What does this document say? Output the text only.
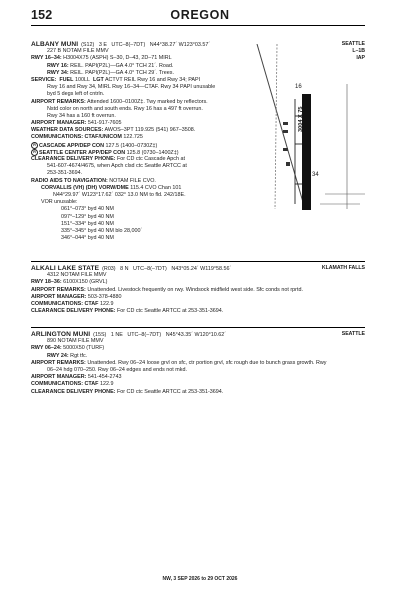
152	OREGON
SEATTLE
L–1B
IAP
ALBANY MUNI (S12) 3 E UTC–8(–7DT) N44°38.27´ W123°03.57´
227 B NOTAM FILE MMV
RWY 16–34: H3004X75 (ASPH) S–30, D–43, 2D–71 MIRL
RWY 16: REIL. PAPI(P2L)—GA 4.0° TCH 21´. Road.
RWY 34: REIL. PAPI(P2L)—GA 4.0° TCH 29´. Trees.
SERVICE: FUEL 100LL LGT ACTVT REIL Rwy 16 and Rwy 34; PAPI
Rwy 16 and Rwy 34, MIRL Rwy 16–34—CTAF. Rwy 34 PAPI unusable
byd 5 degs left of cntrln.
AIRPORT REMARKS: Attended 1600–0100Z‡. Twy marked by reflectors.
Nstd color on north and south ends. Rwy 16 has a 497 ft overrun.
Rwy 34 has a 160 ft overrun.
AIRPORT MANAGER: 541-917-7605
WEATHER DATA SOURCES: AWOS–3PT 119.925 (541) 967–3508.
COMMUNICATIONS: CTAF/UNICOM 122.725
R CASCADE APP/DEP CON 127.5 (1400–0730Z‡)
R SEATTLE CENTER APP/DEP CON 125.8 (0730–1400Z‡)
CLEARANCE DELIVERY PHONE: For CD ctc Cascade Apch at
541-607-4674/4675, when Apch clsd ctc Seattle ARTCC at
253-351-3694.
RADIO AIDS TO NAVIGATION: NOTAM FILE CVO.
CORVALLIS (VH) (DH) VORW/DME 115.4 CVO Chan 101
N44°29.97´ W123°17.62´ 032° 13.0 NM to fld. 242/18E.
VOR unusable:
061°–073° byd 40 NM
097°–129° byd 40 NM
151°–334° byd 40 NM
335°–345° byd 40 NM blo 28,000´
346°–044° byd 40 NM
16
34
3004 X 75
KLAMATH FALLS
ALKALI LAKE STATE (R03) 8 N UTC–8(–7DT) N43°05.24´ W119°58.56´
4312 NOTAM FILE MMV
RWY 18–36: 6100X150 (GRVL)
AIRPORT REMARKS: Unattended. Livestock frequently on rwy. Windsock midfield west side. Sfc conds not rprtd.
AIRPORT MANAGER: 503-378-4880
COMMUNICATIONS: CTAF 122.9
CLEARANCE DELIVERY PHONE: For CD ctc Seattle ARTCC at 253-351-3694.
SEATTLE
ARLINGTON MUNI (15S) 1 NE UTC–8(–7DT) N45°43.35´ W120°10.62´
890 NOTAM FILE MMV
RWY 06–24: 5000X50 (TURF)
RWY 24: Rgt tfc.
AIRPORT REMARKS: Unattended. Rwy 06–24 loose grvl on sfc, ctr portion grvl, sfc rough due to bunch grass growth. Rwy
06–24 hdg 070–250. Rwy 06–24 edges and ends not mkd.
AIRPORT MANAGER: 541-454-2743
COMMUNICATIONS: CTAF 122.9
CLEARANCE DELIVERY PHONE: For CD ctc Seattle ARTCC at 253-351-3694.
NW, 3 SEP 2026 to 29 OCT 2026
